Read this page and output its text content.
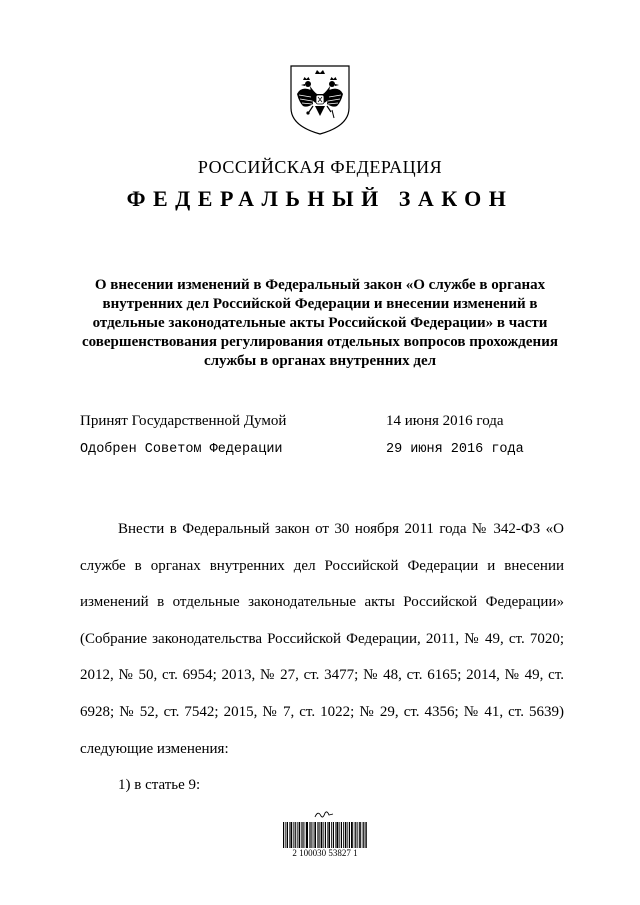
РОССИЙСКАЯ ФЕДЕРАЦИЯ
ФЕДЕРАЛЬНЫЙ ЗАКОН
О внесении изменений в Федеральный закон «О службе в органах
внутренних дел Российской Федерации и внесении изменений в
отдельные законодательные акты Российской Федерации» в части
совершенствования регулирования отдельных вопросов прохождения
службы в органах внутренних дел
Принят Государственной Думой	14 июня 2016 года
Одобрен Советом Федерации	29 июня 2016 года

Внести в Федеральный закон от 30 ноября 2011 года № 342-ФЗ «О службе в органах внутренних дел Российской Федерации и внесении изменений в отдельные законодательные акты Российской Федерации» (Собрание законодательства Российской Федерации, 2011, № 49, ст. 7020; 2012, № 50, ст. 6954; 2013, № 27, ст. 3477; № 48, ст. 6165; 2014, № 49, ст. 6928; № 52, ст. 7542; 2015, № 7, ст. 1022; № 29, ст. 4356; № 41, ст. 5639) следующие изменения:

1) в статье 9:

2 100030 53827 1
